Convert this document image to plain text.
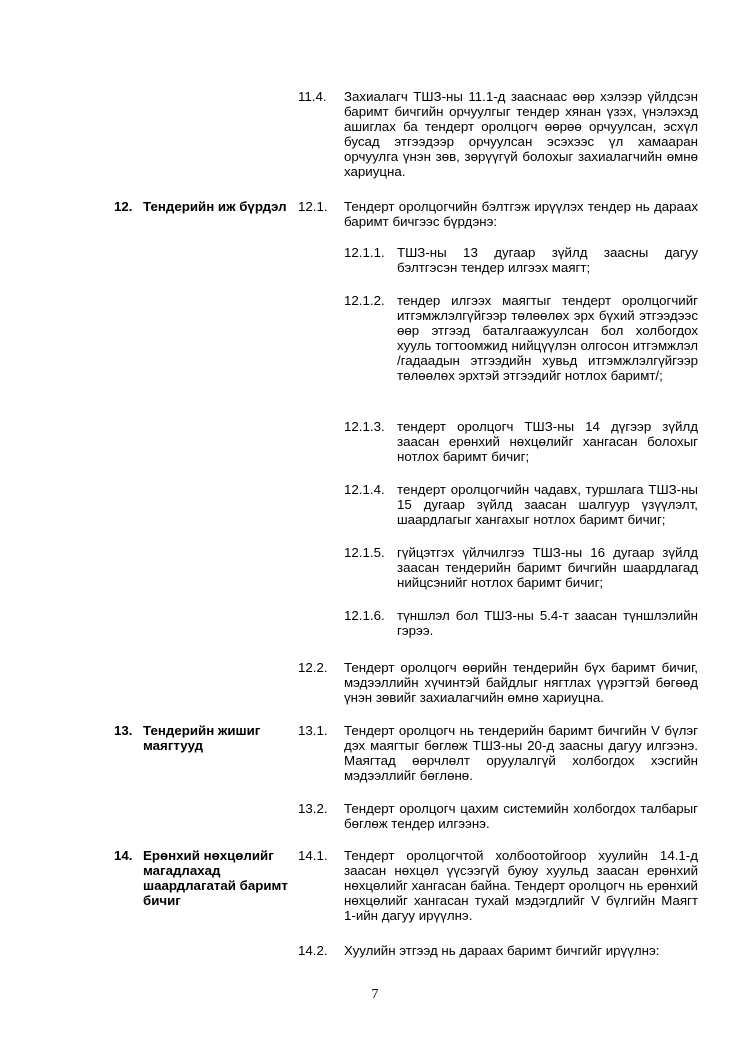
11.4. Захиалагч ТШЗ-ны 11.1-д зааснаас өөр хэлээр үйлдсэн баримт бичгийн орчуулгыг тендер хянан үзэх, үнэлэхэд ашиглах ба тендерт оролцогч өөрөө орчуулсан, эсхүл бусад этгээдээр орчуулсан эсэхээс үл хамааран орчуулга үнэн зөв, зөрүүгүй болохыг захиалагчийн өмнө хариуцна.
12. Тендерийн иж бүрдэл 12.1. Тендерт оролцогчийн бэлтгэж ирүүлэх тендер нь дараах баримт бичгээс бүрдэнэ:
12.1.1. ТШЗ-ны 13 дугаар зүйлд заасны дагуу бэлтгэсэн тендер илгээх маягт;
12.1.2. тендер илгээх маягтыг тендерт оролцогчийг итгэмжлэлгүйгээр төлөөлөх эрх бүхий этгээдээс өөр этгээд баталгаажуулсан бол холбогдох хууль тогтоомжид нийцүүлэн олгосон итгэмжлэл /гадаадын этгээдийн хувьд итгэмжлэлгүйгээр төлөөлөх эрхтэй этгээдийг нотлох баримт/;
12.1.3. тендерт оролцогч ТШЗ-ны 14 дүгээр зүйлд заасан ерөнхий нөхцөлийг хангасан болохыг нотлох баримт бичиг;
12.1.4. тендерт оролцогчийн чадавх, туршлага ТШЗ-ны 15 дугаар зүйлд заасан шалгуур үзүүлэлт, шаардлагыг хангахыг нотлох баримт бичиг;
12.1.5. гүйцэтгэх үйлчилгээ ТШЗ-ны 16 дугаар зүйлд заасан тендерийн баримт бичгийн шаардлагад нийцсэнийг нотлох баримт бичиг;
12.1.6. түншлэл бол ТШЗ-ны 5.4-т заасан түншлэлийн гэрээ.
12.2. Тендерт оролцогч өөрийн тендерийн бүх баримт бичиг, мэдээллийн хүчинтэй байдлыг нягтлах үүрэгтэй бөгөөд үнэн зөвийг захиалагчийн өмнө хариуцна.
13. Тендерийн жишиг маягтууд
13.1. Тендерт оролцогч нь тендерийн баримт бичгийн V бүлэг дэх маягтыг бөглөж ТШЗ-ны 20-д заасны дагуу илгээнэ. Маягтад өөрчлөлт оруулалгүй холбогдох хэсгийн мэдээллийг бөглөнө.
13.2. Тендерт оролцогч цахим системийн холбогдох талбарыг бөглөж тендер илгээнэ.
14. Ерөнхий нөхцөлийг магадлахад шаардлагатай баримт бичиг
14.1. Тендерт оролцогчтой холбоотойгоор хуулийн 14.1-д заасан нөхцөл үүсээгүй буюу хуульд заасан ерөнхий нөхцөлийг хангасан байна. Тендерт оролцогч нь ерөнхий нөхцөлийг хангасан тухай мэдэгдлийг V бүлгийн Маягт 1-ийн дагуу ирүүлнэ.
14.2. Хуулийн этгээд нь дараах баримт бичгийг ирүүлнэ:
7
